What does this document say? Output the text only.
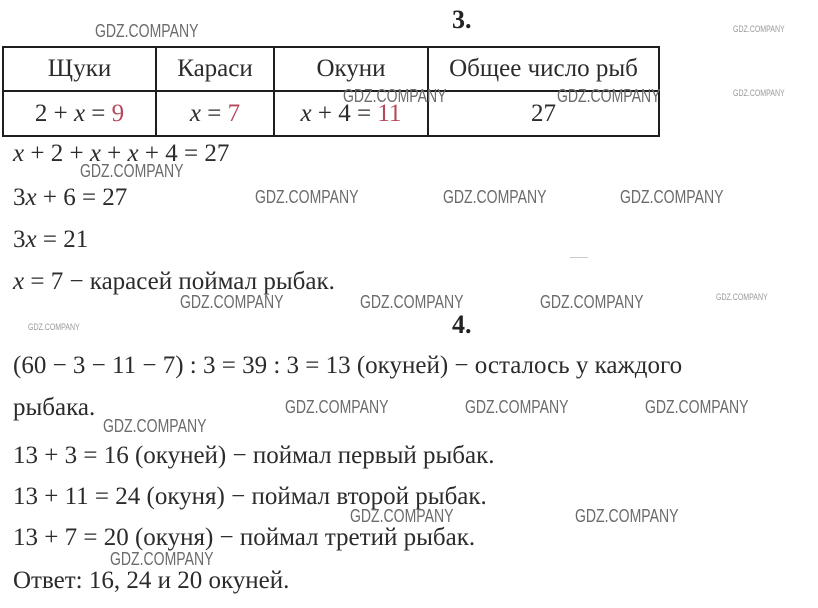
3.
4.
Щуки	Караси	Окуни	Общее число рыб
2 + x = 9	x = 7	x + 4 = 11	27
x + 2 + x + x + 4 = 27
3x + 6 = 27
3x = 21
x = 7 − карасей поймал рыбак.
(60 − 3 − 11 − 7) : 3 = 39 : 3 = 13 (окуней) − осталось у каждого
рыбака.
13 + 3 = 16 (окуней) − поймал первый рыбак.
13 + 11 = 24 (окуня) − поймал второй рыбак.
13 + 7 = 20 (окуня) − поймал третий рыбак.
Ответ: 16, 24 и 20 окуней.
—
GDZ.COMPANY
GDZ.COMPANY	GDZ.COMPANY
GDZ.COMPANY
GDZ.COMPANY	GDZ.COMPANY	GDZ.COMPANY
GDZ.COMPANY	GDZ.COMPANY	GDZ.COMPANY
GDZ.COMPANY	GDZ.COMPANY	GDZ.COMPANY
GDZ.COMPANY
GDZ.COMPANY	GDZ.COMPANY
GDZ.COMPANY
GDZ.COMPANY
GDZ.COMPANY
GDZ.COMPANY
GDZ.COMPANY
